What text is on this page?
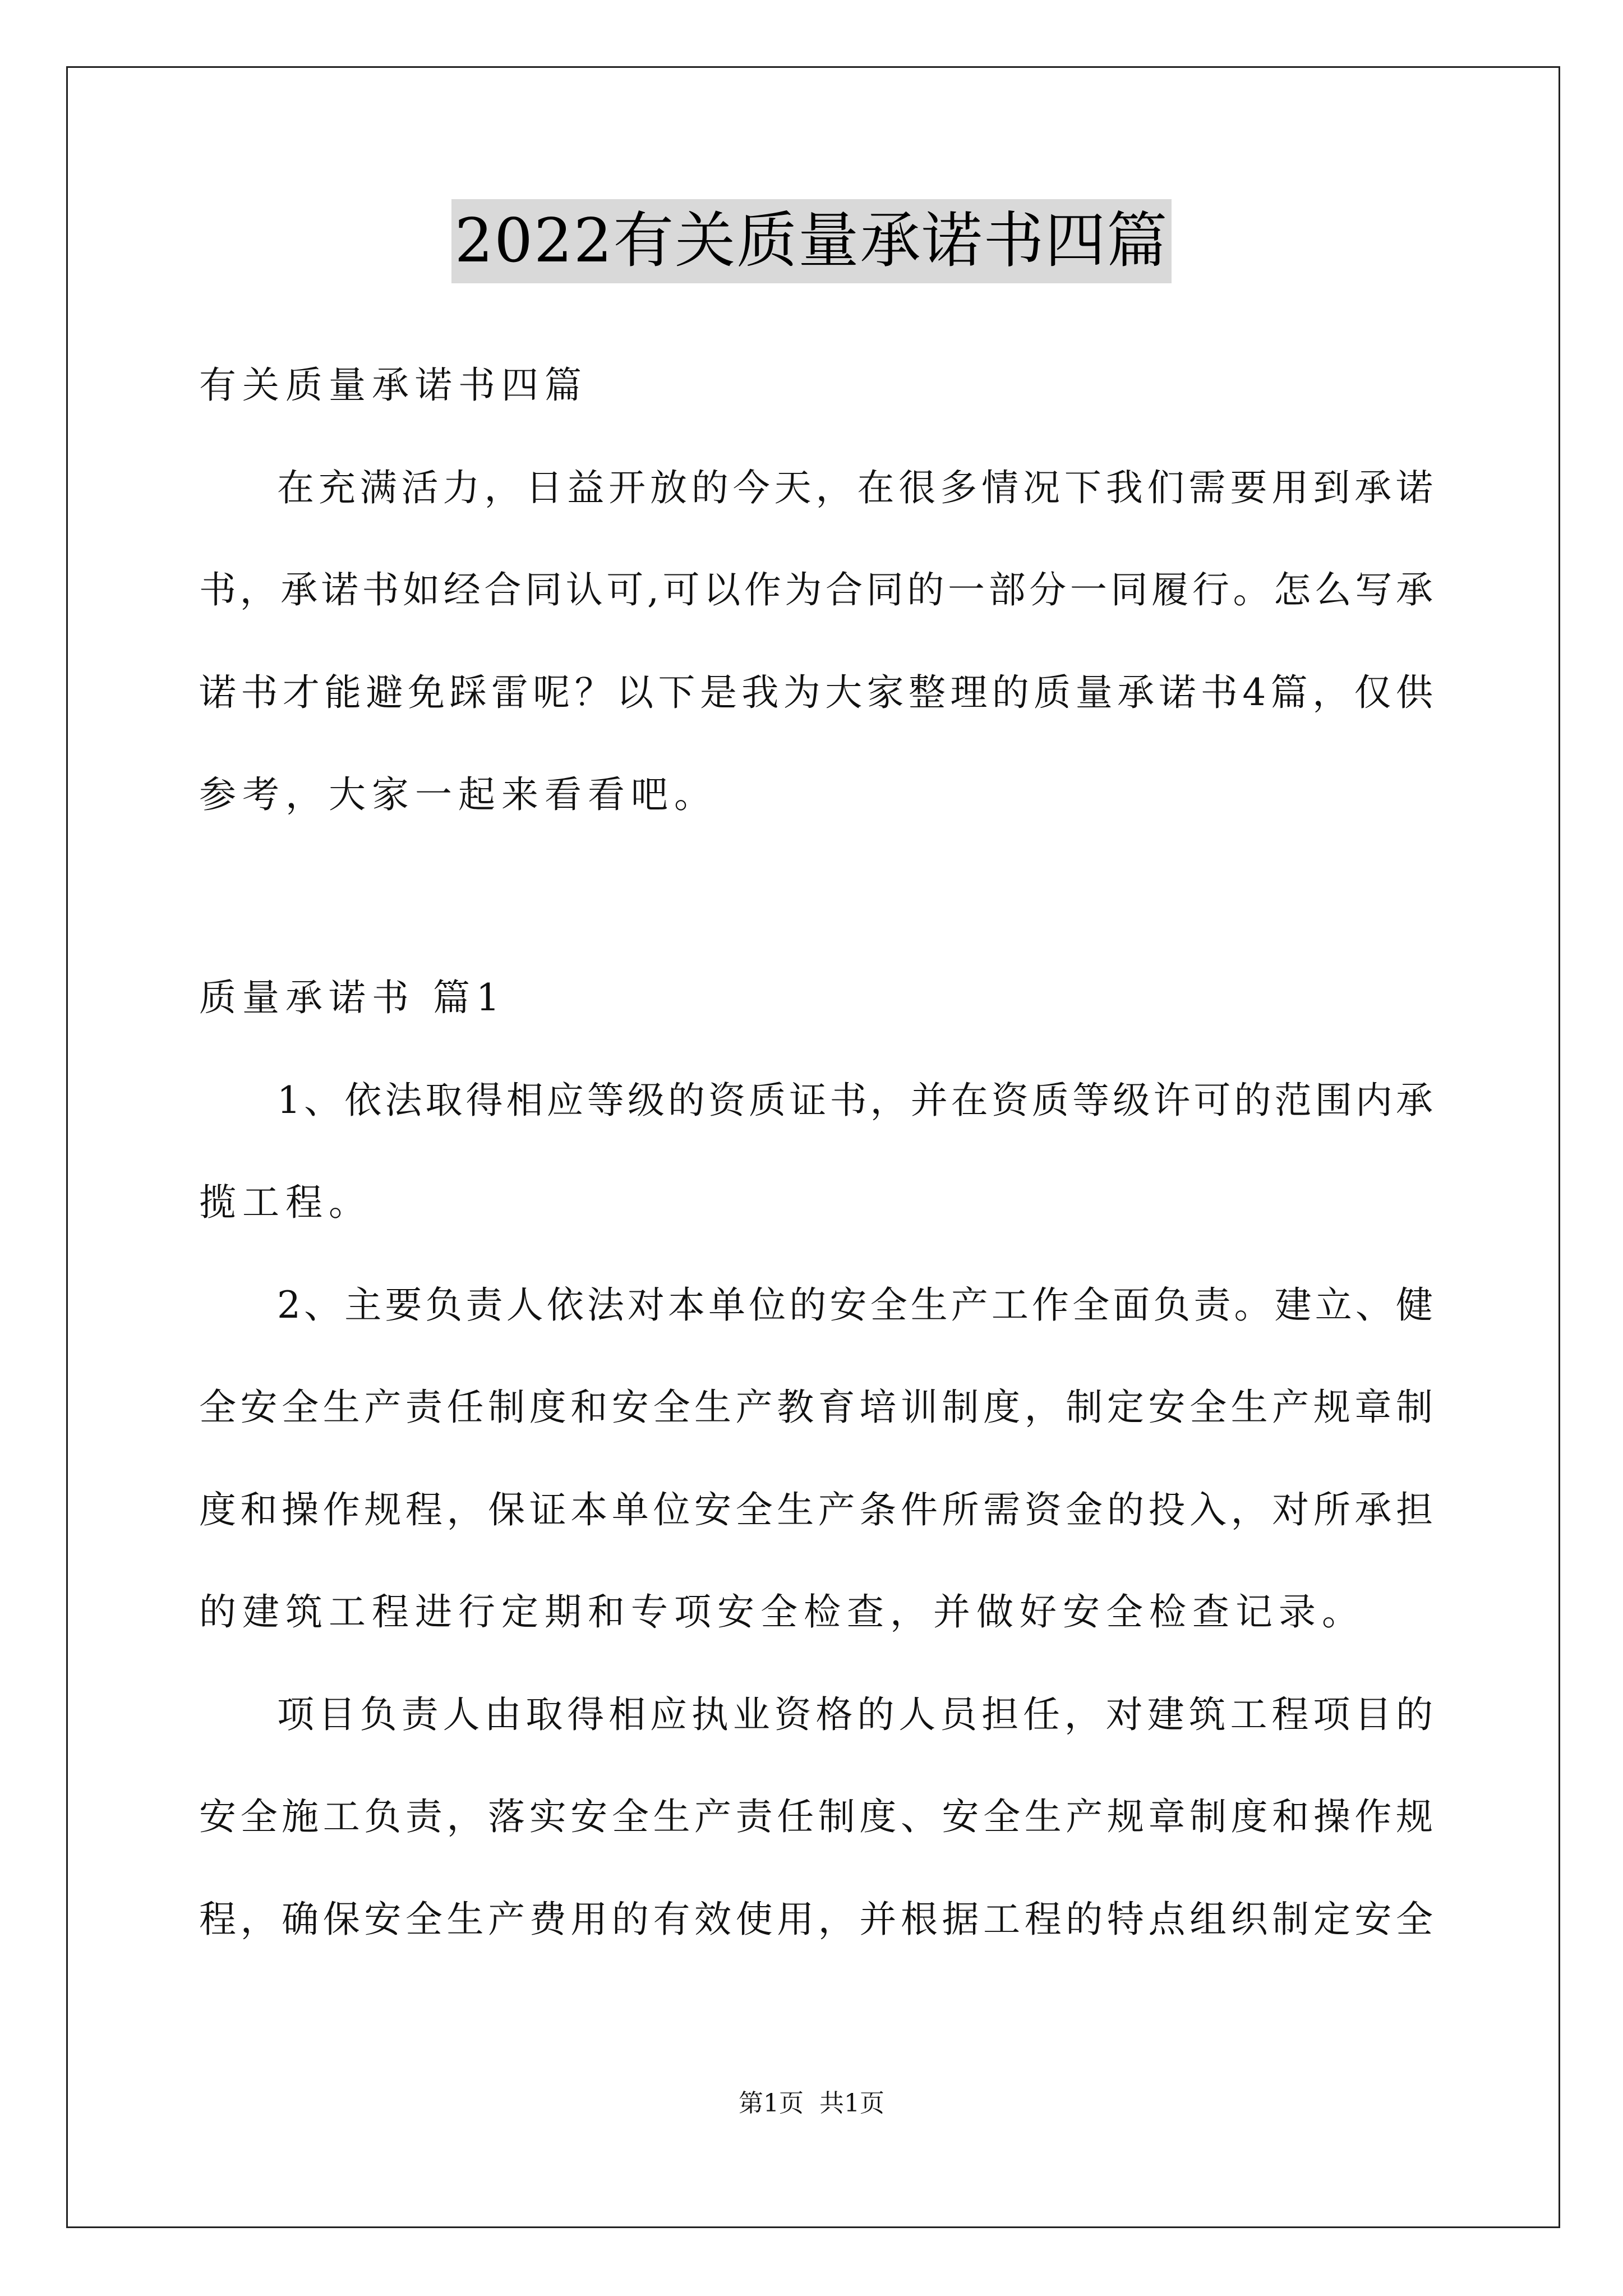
2022有关质量承诺书四篇
有关质量承诺书四篇
在充满活力，日益开放的今天，在很多情况下我们需要用到承诺
书，承诺书如经合同认可,可以作为合同的一部分一同履行。怎么写承
诺书才能避免踩雷呢？以下是我为大家整理的质量承诺书4篇，仅供
参考，大家一起来看看吧。
质量承诺书 篇1
1、依法取得相应等级的资质证书，并在资质等级许可的范围内承
揽工程。
2、主要负责人依法对本单位的安全生产工作全面负责。建立、健
全安全生产责任制度和安全生产教育培训制度，制定安全生产规章制
度和操作规程，保证本单位安全生产条件所需资金的投入，对所承担
的建筑工程进行定期和专项安全检查，并做好安全检查记录。
项目负责人由取得相应执业资格的人员担任，对建筑工程项目的
安全施工负责，落实安全生产责任制度、安全生产规章制度和操作规
程，确保安全生产费用的有效使用，并根据工程的特点组织制定安全
第1页 共1页
